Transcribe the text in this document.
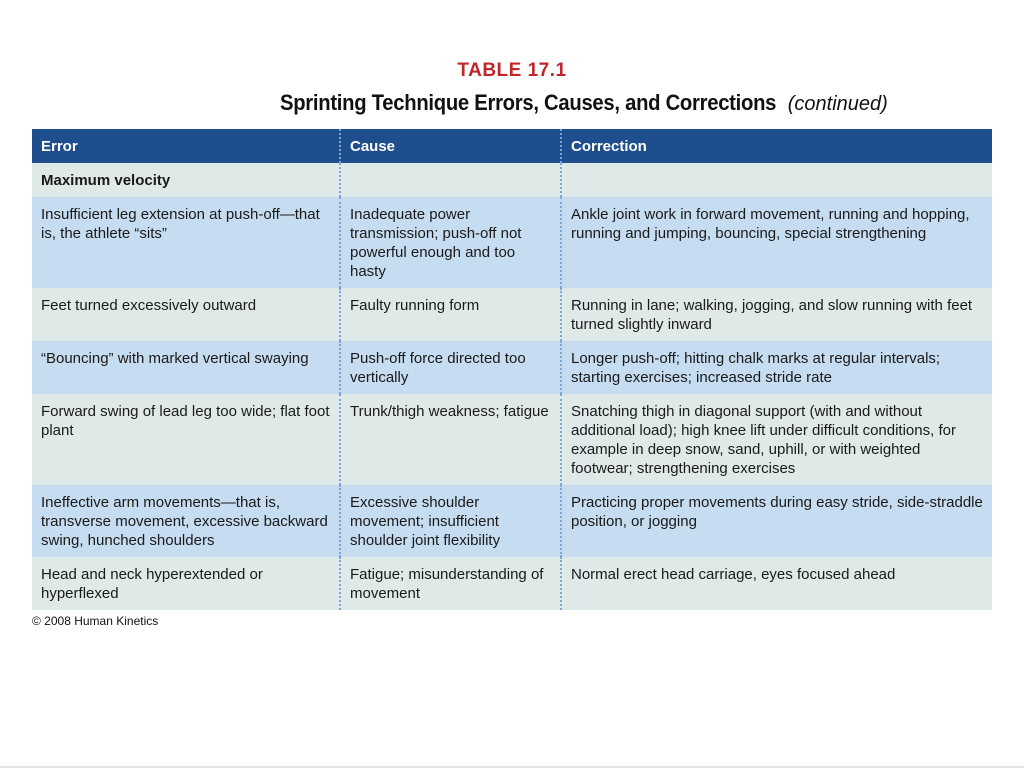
TABLE 17.1
Sprinting Technique Errors, Causes, and Corrections (continued)
Error	Cause	Correction
Maximum velocity		
Insufficient leg extension at push-off—that is, the athlete “sits”	Inadequate power transmission; push-off not powerful enough and too hasty	Ankle joint work in forward movement, running and hopping, running and jumping, bouncing, special strengthening
Feet turned excessively outward	Faulty running form	Running in lane; walking, jogging, and slow running with feet turned slightly inward
“Bouncing” with marked vertical swaying	Push-off force directed too vertically	Longer push-off; hitting chalk marks at regular intervals; starting exercises; increased stride rate
Forward swing of lead leg too wide; flat foot plant	Trunk/thigh weakness; fatigue	Snatching thigh in diagonal support (with and without additional load); high knee lift under difficult conditions, for example in deep snow, sand, uphill, or with weighted footwear; strengthening exercises
Ineffective arm movements—that is, transverse movement, excessive backward swing, hunched shoulders	Excessive shoulder movement; insufficient shoulder joint flexibility	Practicing proper movements during easy stride, side-straddle position, or jogging
Head and neck hyperextended or hyperflexed	Fatigue; misunderstanding of movement	Normal erect head carriage, eyes focused ahead
© 2008 Human Kinetics
